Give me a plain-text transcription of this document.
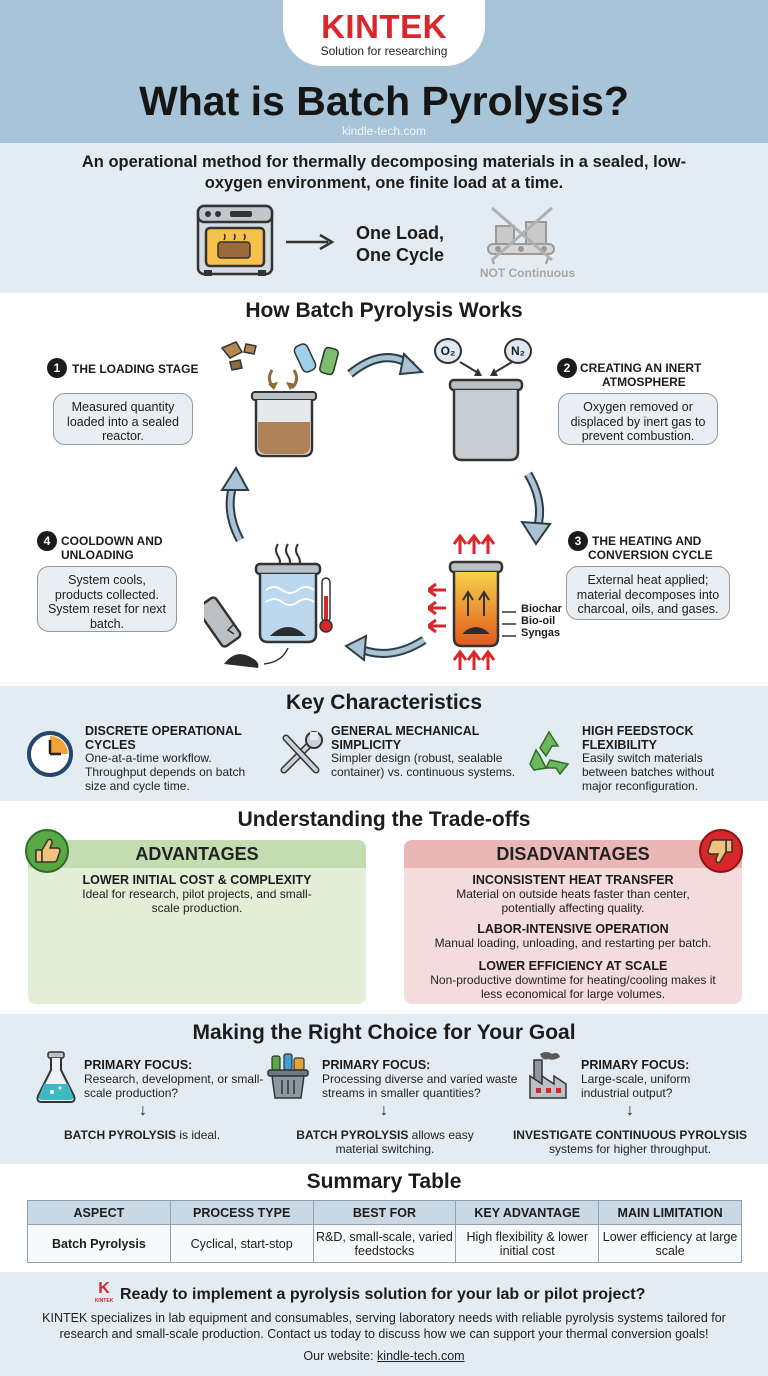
KINTEK
Solution for researching
What is Batch Pyrolysis?
kindle-tech.com
An operational method for thermally decomposing materials in a sealed, low-oxygen environment, one finite load at a time.
One Load,
One Cycle
NOT Continuous
How Batch Pyrolysis Works
1 THE LOADING STAGE
Measured quantity loaded into a sealed reactor.
O₂	N₂
2 CREATING AN INERT
ATMOSPHERE
Oxygen removed or displaced by inert gas to prevent combustion.
3 THE HEATING AND
CONVERSION CYCLE
External heat applied; material decomposes into charcoal, oils, and gases.
Biochar
Bio-oil
Syngas
4 COOLDOWN AND
UNLOADING
System cools, products collected. System reset for next batch.
Key Characteristics
DISCRETE OPERATIONAL CYCLES
One-at-a-time workflow. Throughput depends on batch size and cycle time.
GENERAL MECHANICAL SIMPLICITY
Simpler design (robust, sealable container) vs. continuous systems.
HIGH FEEDSTOCK FLEXIBILITY
Easily switch materials between batches without major reconfiguration.
Understanding the Trade-offs
ADVANTAGES
LOWER INITIAL COST & COMPLEXITY
Ideal for research, pilot projects, and small-scale production.
DISADVANTAGES
INCONSISTENT HEAT TRANSFER
Material on outside heats faster than center, potentially affecting quality.
LABOR-INTENSIVE OPERATION
Manual loading, unloading, and restarting per batch.
LOWER EFFICIENCY AT SCALE
Non-productive downtime for heating/cooling makes it less economical for large volumes.
Making the Right Choice for Your Goal
PRIMARY FOCUS:
Research, development, or small-scale production?
↓
BATCH PYROLYSIS is ideal.
PRIMARY FOCUS:
Processing diverse and varied waste streams in smaller quantities?
↓
BATCH PYROLYSIS allows easy material switching.
PRIMARY FOCUS:
Large-scale, uniform industrial output?
↓
INVESTIGATE CONTINUOUS PYROLYSIS
systems for higher throughput.
Summary Table
ASPECT	PROCESS TYPE	BEST FOR	KEY ADVANTAGE	MAIN LIMITATION
Batch Pyrolysis	Cyclical, start-stop	R&D, small-scale, varied feedstocks	High flexibility & lower initial cost	Lower efficiency at large scale
K
KINTEK Ready to implement a pyrolysis solution for your lab or pilot project?
KINTEK specializes in lab equipment and consumables, serving laboratory needs with reliable pyrolysis systems tailored for research and small-scale production. Contact us today to discuss how we can support your thermal conversion goals!
Our website: kindle-tech.com
